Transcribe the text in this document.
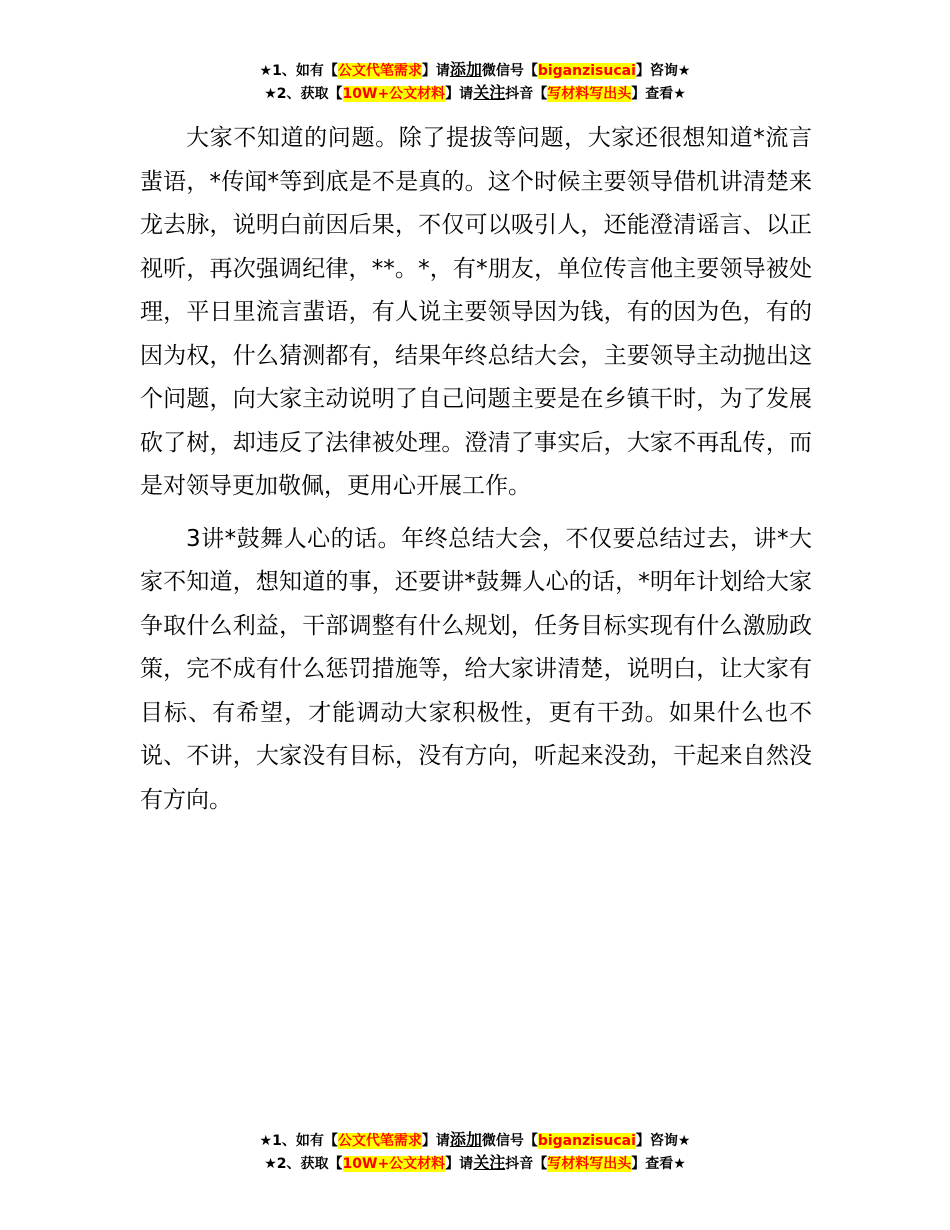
★1、如有【公文代笔需求】请添加微信号【biganzisucai】咨询★
★2、获取【10W+公文材料】请关注抖音【写材料写出头】查看★

大家不知道的问题。除了提拔等问题，大家还很想知道*流言蜚语，*传闻*等到底是不是真的。这个时候主要领导借机讲清楚来龙去脉，说明白前因后果，不仅可以吸引人，还能澄清谣言、以正视听，再次强调纪律，**。*，有*朋友，单位传言他主要领导被处理，平日里流言蜚语，有人说主要领导因为钱，有的因为色，有的因为权，什么猜测都有，结果年终总结大会，主要领导主动抛出这个问题，向大家主动说明了自己问题主要是在乡镇干时，为了发展砍了树，却违反了法律被处理。澄清了事实后，大家不再乱传，而是对领导更加敬佩，更用心开展工作。

3讲*鼓舞人心的话。年终总结大会，不仅要总结过去，讲*大家不知道，想知道的事，还要讲*鼓舞人心的话，*明年计划给大家争取什么利益，干部调整有什么规划，任务目标实现有什么激励政策，完不成有什么惩罚措施等，给大家讲清楚，说明白，让大家有目标、有希望，才能调动大家积极性，更有干劲。如果什么也不说、不讲，大家没有目标，没有方向，听起来没劲，干起来自然没有方向。

★1、如有【公文代笔需求】请添加微信号【biganzisucai】咨询★
★2、获取【10W+公文材料】请关注抖音【写材料写出头】查看★
